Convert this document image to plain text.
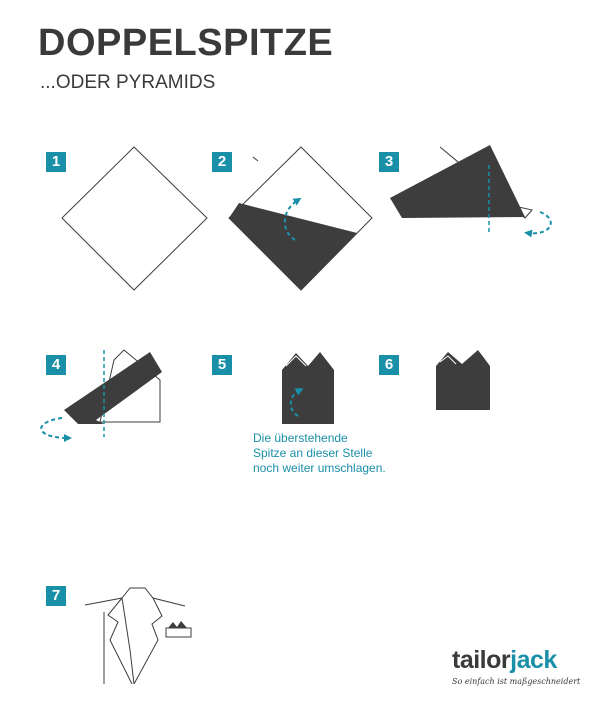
DOPPELSPITZE

...ODER PYRAMIDS

1	2	3
4	5	6
7
Die überstehende
Spitze an dieser Stelle
noch weiter umschlagen.
tailorjack
So einfach ist maßgeschneidert
